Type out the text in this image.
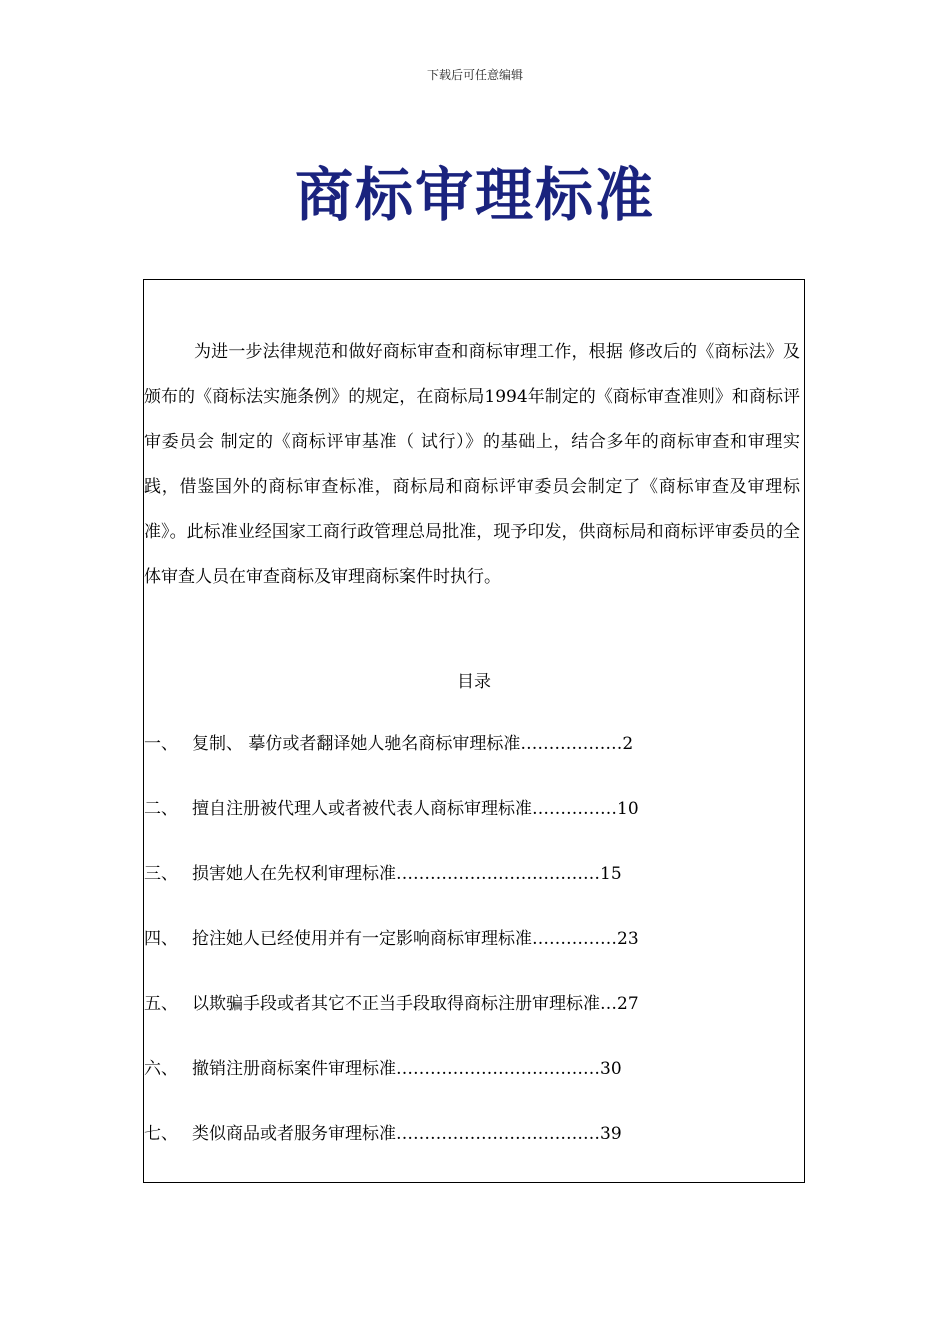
下载后可任意编辑
商标审理标准

为进一步法律规范和做好商标审查和商标审理工作，根据 修改后的《商标法》及　颁布的《商标法实施条例》的规定，在商标局1994年制定的《商标审查准则》和商标评审委员会 制定的《商标评审基准（ 试行）》的基础上，结合多年的商标审查和审理实践，借鉴国外的商标审查标准，商标局和商标评审委员会制定了《商标审查及审理标准》。此标准业经国家工商行政管理总局批准，现予印发，供商标局和商标评审委员的全体审查人员在审查商标及审理商标案件时执行。

目录
一、 复制、 摹仿或者翻译她人驰名商标审理标准………………2
二、 擅自注册被代理人或者被代表人商标审理标准……………10
三、 损害她人在先权利审理标准………………………………15
四、 抢注她人已经使用并有一定影响商标审理标准……………23
五、 以欺骗手段或者其它不正当手段取得商标注册审理标准…27
六、 撤销注册商标案件审理标准………………………………30
七、 类似商品或者服务审理标准………………………………39
